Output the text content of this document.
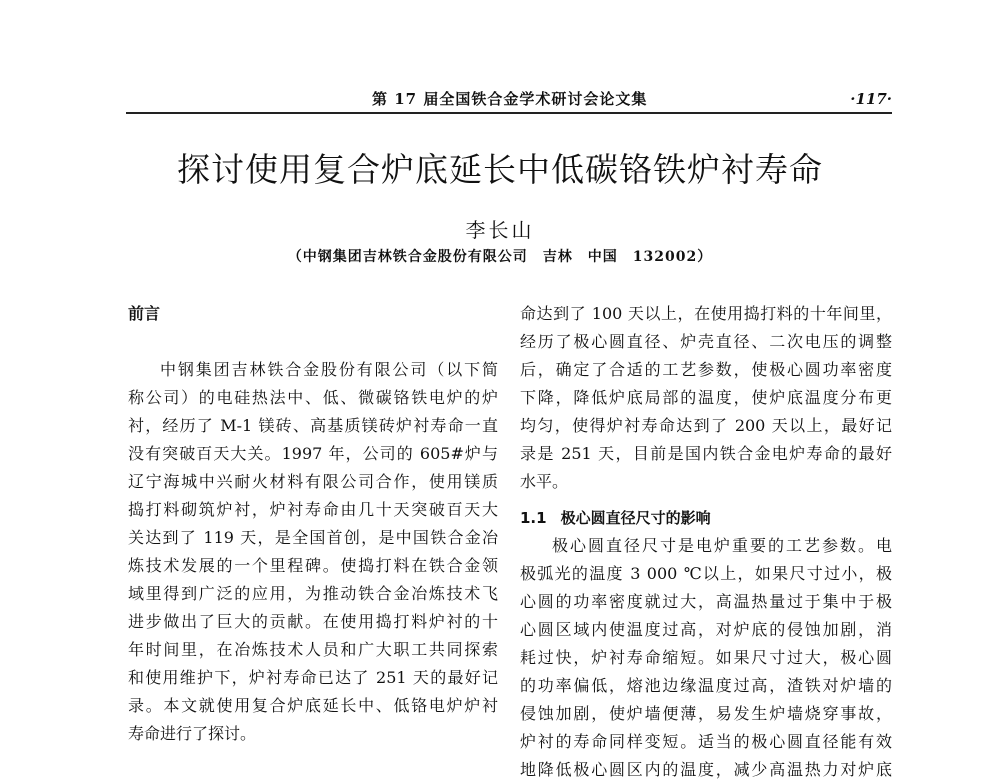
第 17 届全国铁合金学术研讨会论文集	·117·
探讨使用复合炉底延长中低碳铬铁炉衬寿命
李长山
（中钢集团吉林铁合金股份有限公司　吉林　中国　132002）
前言
中钢集团吉林铁合金股份有限公司（以下简
称公司）的电硅热法中、低、微碳铬铁电炉的炉
衬，经历了 M-1 镁砖、高基质镁砖炉衬寿命一直
没有突破百天大关。1997 年，公司的 605#炉与
辽宁海城中兴耐火材料有限公司合作，使用镁质
捣打料砌筑炉衬，炉衬寿命由几十天突破百天大
关达到了 119 天，是全国首创，是中国铁合金冶
炼技术发展的一个里程碑。使捣打料在铁合金领
域里得到广泛的应用，为推动铁合金冶炼技术飞
进步做出了巨大的贡献。在使用捣打料炉衬的十
年时间里，在冶炼技术人员和广大职工共同探索
和使用维护下，炉衬寿命已达了 251 天的最好记
录。本文就使用复合炉底延长中、低铬电炉炉衬
寿命进行了探讨。
命达到了 100 天以上，在使用捣打料的十年间里，
经历了极心圆直径、炉壳直径、二次电压的调整
后，确定了合适的工艺参数，使极心圆功率密度
下降，降低炉底局部的温度，使炉底温度分布更
均匀，使得炉衬寿命达到了 200 天以上，最好记
录是 251 天，目前是国内铁合金电炉寿命的最好
水平。
1.1 极心圆直径尺寸的影响
极心圆直径尺寸是电炉重要的工艺参数。电
极弧光的温度 3 000 ℃以上，如果尺寸过小，极
心圆的功率密度就过大，高温热量过于集中于极
心圆区域内使温度过高，对炉底的侵蚀加剧，消
耗过快，炉衬寿命缩短。如果尺寸过大，极心圆
的功率偏低，熔池边缘温度过高，渣铁对炉墙的
侵蚀加剧，使炉墙便薄，易发生炉墙烧穿事故，
炉衬的寿命同样变短。适当的极心圆直径能有效
地降低极心圆区内的温度，减少高温热力对炉底
